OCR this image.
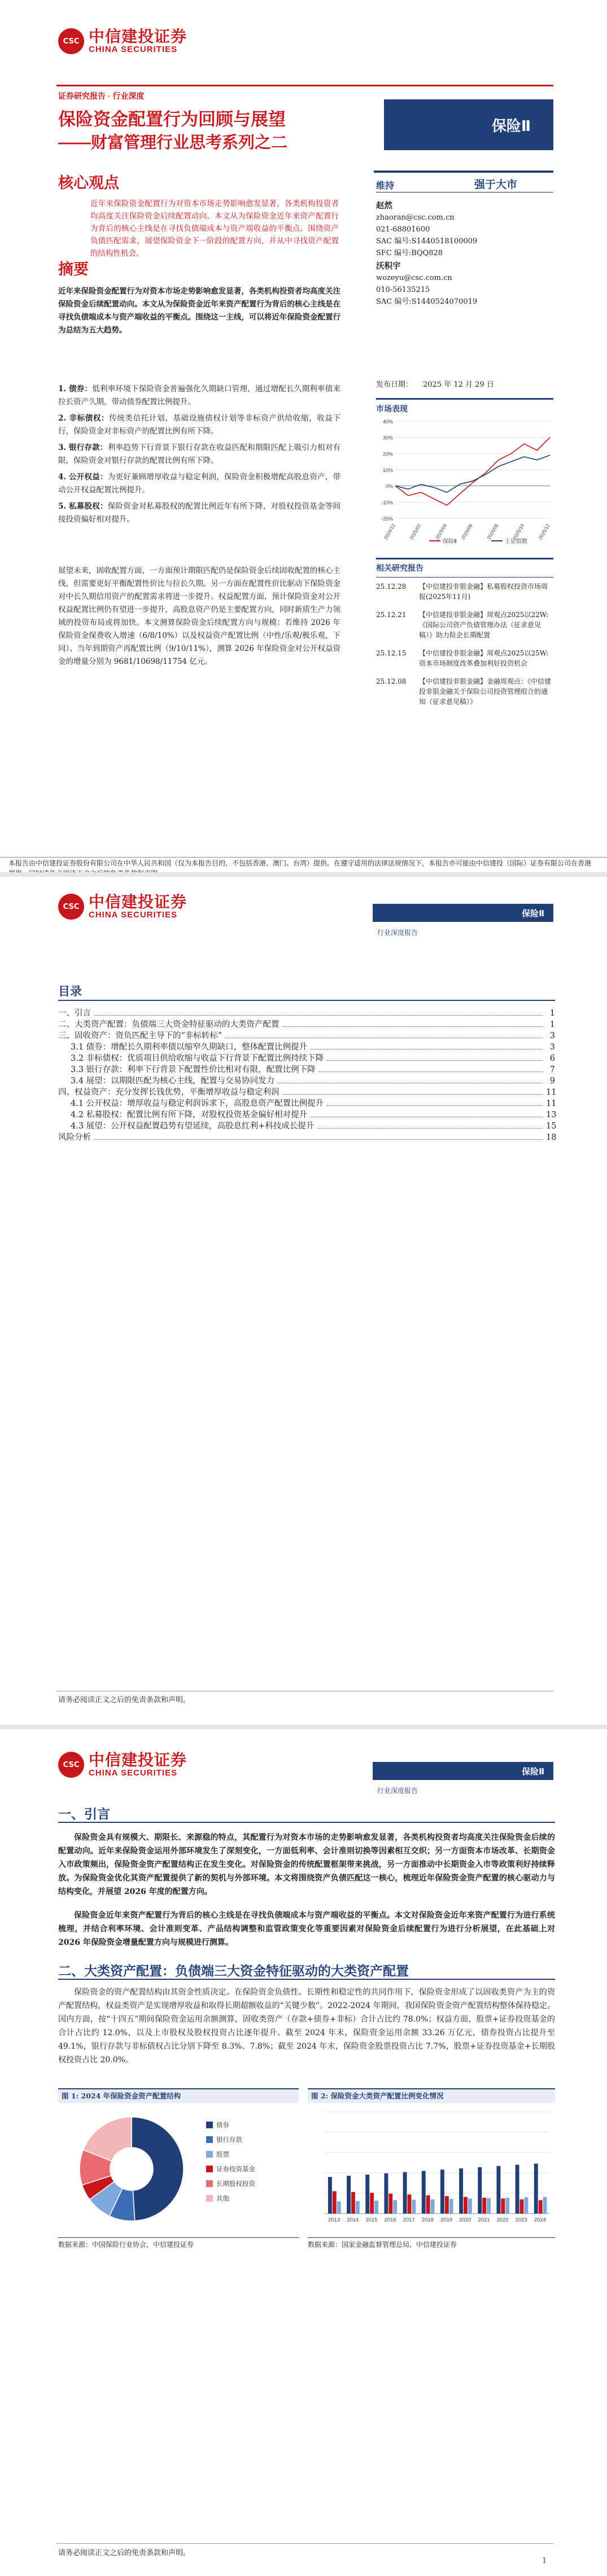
CSC 中信建投证券
CHINA SECURITIES
证券研究报告 · 行业深度
保险资金配置行为回顾与展望
——财富管理行业思考系列之二
保险Ⅱ
核心观点
近年来保险资金配置行为对资本市场走势影响愈发显著，各类机构投资者均高度关注保险资金后续配置动向。本文从为保险资金近年来资产配置行为背后的核心主线是在寻找负债端成本与资产端收益的平衡点。围绕资产负债匹配需求，展望保险资金下一阶段的配置方向，并从中寻找资产配置的结构性机会。
摘要
近年来保险资金配置行为对资本市场走势影响愈发显著，各类机构投资者均高度关注保险资金后续配置动向。本文从为保险资金近年来资产配置行为背后的核心主线是在寻找负债端成本与资产端收益的平衡点。围绕这一主线，可以将近年保险资金配置行为总结为五大趋势。
1. 债券：低利率环境下保险资金普遍强化久期缺口管理，通过增配长久期利率债来拉长资产久期，带动债券配置比例提升。
2. 非标债权：传统类信托计划、基础设施债权计划等非标资产供给收缩，收益下行，保险资金对非标资产的配置比例有所下降。
3. 银行存款：利率趋势下行背景下银行存款在收益匹配和期限匹配上吸引力相对有限，保险资金对银行存款的配置比例有所下降。
4. 公开权益：为更好兼顾增厚收益与稳定利润，保险资金积极增配高股息资产，带动公开权益配置比例提升。
5. 私募股权：保险资金对私募股权的配置比例近年有所下降，对股权投资基金等间接投资偏好相对提升。
展望未来，固收配置方面，一方面预计期限匹配仍是保险资金后续固收配置的核心主线，但需要更好平衡配置性价比与拉长久期。另一方面在配置性价比驱动下保险资金对中长久期信用资产的配置需求将进一步提升。权益配置方面，预计保险资金对公开权益配置比例仍有望进一步提升，高股息资产仍是主要配置方向，同时新质生产力领域的投资布局或将加快。本文测算保险资金后续配置方向与规模：若维持 2026 年保险资金保费收入增速（6/8/10%）以及权益资产配置比例（中性/乐观/极乐观，下同）、当年到期资产再配置比例（9/10/11%），测算 2026 年保险资金对公开权益资金的增量分别为 9681/10698/11754 亿元。
维持	强于大市
赵然
zhaoran@csc.com.cn
021-68801600
SAC 编号:S1440518100009
SFC 编号:BQQ828
沃积宇
wozeyu@csc.com.cn
010-56135215
SAC 编号:S1440524070019
发布日期： 2025 年 12 月 29 日
市场表现
-20%
-10%
0%
10%
20%
30%
40%
2024/12	2025/02	2025/04	2025/06	2025/08	2025/10	2025/12
保险Ⅱ	上证指数
相关研究报告
25.12.28	【中信建投非银金融】私募股权投资市场周报(2025年11月)
25.12.21	【中信建投非银金融】周观点2025以22W:《国际公司资产负债管理办法（征求意见稿）》助力险企长期配置
25.12.15	【中信建投非银金融】周观点2025以25W:资本市场制度改革叠加利好投资机会
25.12.08	【中信建投非银金融】金融周观点：《中信建投非银金融关于保险公司投资管理组合的通知（征求意见稿）》
本报告由中信建投证券股份有限公司在中华人民共和国（仅为本报告目的，不包括香港、澳门、台湾）提供。在遵守适用的法律法规情况下，本报告亦可能由中信建投（国际）证券有限公司在香港
CSC 中信建投证券
CHINA SECURITIES	保险Ⅱ
行业深度报告
目录
一、引言	1
二、大类资产配置：负债端三大资金特征驱动的大类资产配置	1
三、固收资产：资负匹配主导下的“非标转标”	3
3.1 债券：增配长久期利率债以缩窄久期缺口，整体配置比例提升	3
3.2 非标债权：优质项目供给收缩与收益下行背景下配置比例持续下降	6
3.3 银行存款：利率下行背景下配置性价比相对有限，配置比例下降	7
3.4 展望：以期限匹配为核心主线，配置与交易协同发力	9
四、权益资产：充分发挥长钱优势，平衡增厚收益与稳定利润	11
4.1 公开权益：增厚收益与稳定利润诉求下，高股息资产配置比例提升	11
4.2 私募股权：配置比例有所下降，对股权投资基金偏好相对提升	13
4.3 展望：公开权益配置趋势有望延续，高股息红利+科技成长提升	15
风险分析	18
请务必阅读正文之后的免责条款和声明。
CSC 中信建投证券
CHINA SECURITIES	保险Ⅱ
行业深度报告
一、引言
保险资金具有规模大、期限长、来源稳的特点，其配置行为对资本市场的走势影响愈发显著，各类机构投资者均高度关注保险资金后续的配置动向。近年来保险资金运用外部环境发生了深刻变化，一方面低利率、会计准则切换等因素相互交织；另一方面资本市场改革、长期资金入市政策频出，保险资金资产配置结构正在发生变化。对保险资金的传统配置框架带来挑战，另一方面推动中长期资金入市等政策利好持续释放。为保险资金优化其资产配置提供了新的契机与外部环境。本文将围绕资产负债匹配这一核心，梳理近年保险资金资产配置的核心驱动力与结构变化，并展望 2026 年度的配置方向。
保险资金近年来资产配置行为背后的核心主线是在寻找负债端成本与资产端收益的平衡点。本文对保险资金近年来资产配置行为进行系统梳理，并结合利率环境、会计准则变革、产品结构调整和监管政策变化等重要因素对保险资金后续配置行为进行分析展望，在此基础上对 2026 年保险资金增量配置方向与规模进行测算。
二、大类资产配置：负债端三大资金特征驱动的大类资产配置
保险资金的资产配置结构由其资金性质决定。在保险资金负债性、长期性和稳定性的共同作用下，保险资金形成了以固收类资产为主的资产配置结构，权益类资产是实现增厚收益和取得长期超额收益的“关键少数”。2022-2024 年期间，我国保险资金资产配置结构整体保持稳定。国内方面，按“十四五”期间保险资金运用余额测算，固收类资产（存款+债券+非标）合计占比约 78.0%；权益方面，股票+证券投资基金的合计占比约 12.0%，以及上市股权及股权投资占比逐年提升。截至 2024 年末，保险资金运用余额 33.26 万亿元，债券投资占比提升至 49.1%，银行存款与非标债权占比分别下降至 8.3%、7.8%；截至 2024 年末，保险资金股票投资占比 7.7%，股票+证券投资基金+长期股权投资占比 20.0%。
图 1: 2024 年保险资金资产配置结构	图 2: 保险资金大类资产配置比例变化情况
债券
银行存款
股票
证券投资基金
长期股权投资
其他
2013 2014 2015 2016 2017 2018 2019 2020 2021 2022 2023 2024
数据来源：中国保险行业协会，中信建投证券	数据来源：国家金融监督管理总局，中信建投证券
请务必阅读正文之后的免责条款和声明。
1
